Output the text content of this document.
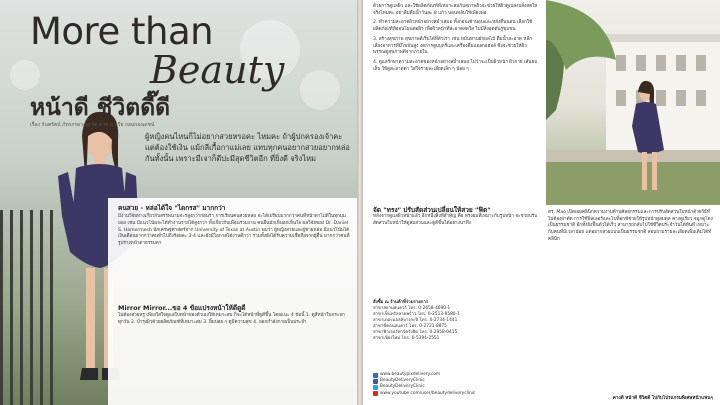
More than
Beauty
หน้าดี ชีวิตดี๊ดี
เรื่อง กันตรัตน์ ภัทรกรดวงพรรัต ภาพ ดาเรีย กอบกองเดชน์
ผู้หญิงคนไหนก็ไม่อยากสวยหรอคะ ไหมคะ ถ้าผู้ปกครองเจ้าคะ แต่ต้องใช้เงิน แม้กลีเกื้อกาแม่เลย แทบทุกคนอยากสวยอยากหล่อกันทั้งนั้น เพราะมีเจาก็ดีปะมีสุดชีวิตอีก ที่ยิ่งดี จริงไหม
คนสวย - หล่อได้ใจ "ไดกรส" มากกว่า
มีงานวิจัยทางเกี่ยวกับสรรพนามจะรสูงกว่าก่อนร่า การเรียนคนสวยหล่อ จะได้เปรียบมากกว่าคนที่หน้าตาไม่ดีในทุกมุมมอง เช่น มีแนวโน้มจะได้ทำงานรายได้สูงกว่า ทั้งเกี่ยวกับเพื่อนร่วมงาน คนอื่นมักเห็นอกเห็นใจ ผลวิจัยของ Dr. Daniel S. Hamermesh นักเศรษฐศาสตร์จาก University of Texas at Austin พบว่า ผู้หญิงสวยและผู้ชายหล่อ มีแนวโน้มได้เงินเดือนมากกว่าคนทั่วไปถึงร้อยละ 3-4 และยังมีโอกาสได้งานดีกว่า รวมทั้งยังได้รับความเชื่อถือจากผู้อื่น มากกว่าคนที่รูปร่างหน้าตาธรรมดา
Mirror Mirror...ขอ 4 ข้อแปรงหน้าให้ดีดูดี
ไม่ต้องสวยหรู เพียงใส่ใจดูแลใบหน้าของตัวเองให้เหมาะสม ก็จะได้หน้าที่ดูดีขึ้น โดยแนะ 4 ข้อนี้ 1. ดูสีหน้าในกระจกทุกวัน 2. บำรุงผิวด้วยผลิตภัณฑ์ที่เหมาะสม 3. ยิ้มบ่อย ๆ ดูมีความสุข 4. ออกกำลังกายเป็นประจำ

ด้วยการดูแลผิว และใช้ผลิตภัณฑ์ที่เหมาะสมกับสภาพผิวจะช่วยให้ผิวดูเปล่งปลั่งสดใส จริงไหมคะ อย่าลืมดื่มน้ำวันละ 8 แก้ว นอนหลับให้เพียงพอ

2. ทำความสะอาดผิวหน้าอย่างสม่ำเสมอ ทั้งก่อนเข้านอนและหลังตื่นนอน เลือกใช้ผลิตภัณฑ์ที่อ่อนโยนต่อผิว เพื่อผิวหน้าที่สะอาดสดใส ไม่มีสิ่งอุดตันรูขุมขน

3. สร้างสุขภาพ สุขภาพดีเริ่มได้ที่ตัวเรา เช่น หมั่นทานผักผลไม้ ดื่มน้ำสะอาด หลีกเลี่ยงอาหารที่มีไขมันสูง งดการสูบบุหรี่และเครื่องดื่มแอลกอฮอล์ ซึ่งจะช่วยให้ผิวพรรณดูสุขภาพดีจากภายใน

4. ดูแลรักษาความสะอาดของหน้าอย่างสม่ำเสมอ ไม่ว่าจะเป็นผิวหน้า ผิวกาย เส้นผม เล็บ ให้ดูสะอาดตา ใส่ใจรายละเอียดเล็ก ๆ น้อย ๆ

จัด "ทรง" ปรับสัดส่วนเปลี่ยนให้สวย "ฟิต"
หลังจากดูแลผิวหน้าแล้ว อีกหนึ่งสิ่งที่สำคัญ คือ ทรงผมที่เหมาะกับรูปหน้า จะช่วยปรับสัดส่วนใบหน้าให้ดูสมส่วนและดูดีขึ้นได้อย่างน่าทึ่ง
สั่งซื้อ ณ ร้านค้าที่ร่วมรายการ
สาขาสยามสแควร์ โทร. 0-2658-4690-1
สาขาเซ็นทรัลลาดพร้าว โทร. 0-2513-9580-1
สาขาเดอะมอลล์บางกะปิ โทร. 0-2734-1441
สาขาซีคอนสแควร์ โทร. 0-2721-8875
สาขาฟิวเจอร์พาร์ครังสิต โทร. 0-2958-0415
สาขาเชียงใหม่ โทร. 0-5394-2551
www.beautypixdelivery.com
BeautyDeliveryClinic
BeautyDeliveryClinic
www.youtube.com/user/beautydeliveryclinic
ดร. Mao เปิดเผยคลินิกความงามด้านศัลยกรรมและการปรับสัดส่วนใบหน้าด้วยวิธีที่ไม่ต้องผ่าตัด การใช้ฟิลเลอร์และโบท็อกซ์ช่วยให้รูปหน้าดูสมดุล คางดูเรียว จมูกดูโด่งเป็นธรรมชาติ อีกทั้งยังฟื้นตัวได้เร็ว สามารถกลับไปใช้ชีวิตประจำวันได้ทันที เหมาะกับคนที่มีเวลาน้อย แต่อยากสวยแบบเป็นธรรมชาติ สอบถามรายละเอียดเพิ่มเติมได้ที่คลินิก
คางดี หน้าดี ชีวิตดี ไปกับโปรแกรมพิเศษหน้าแฟนๆ
